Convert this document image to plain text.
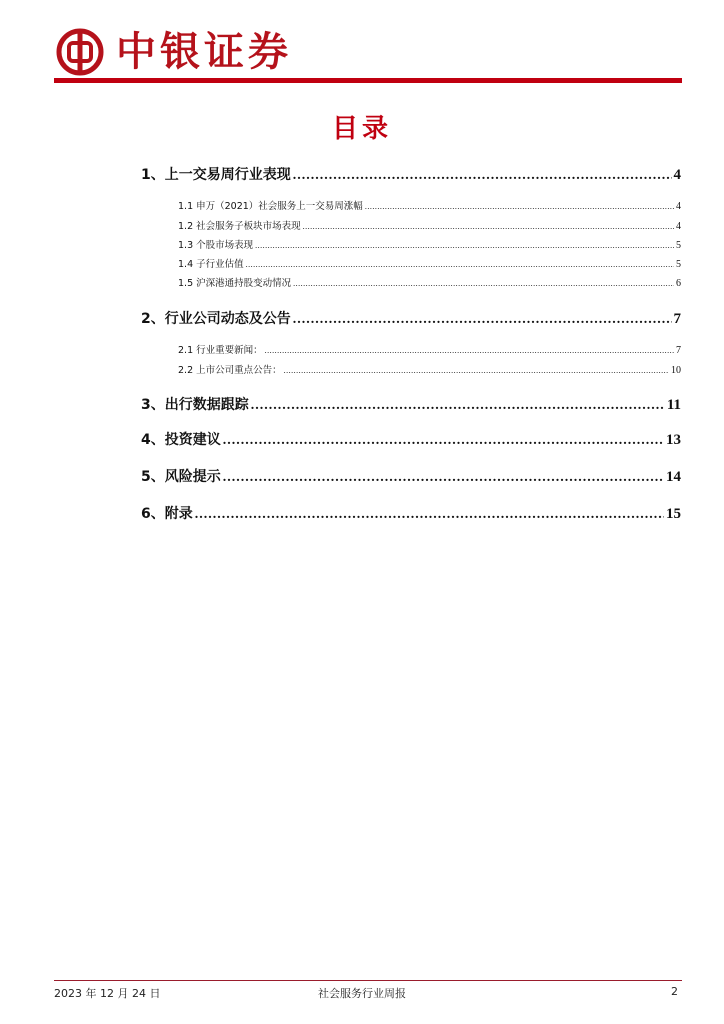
中银证券
目录
1、上一交易周行业表现 .....	4
1.1 申万（2021）社会服务上一交易周涨幅 .....	4
1.2 社会服务子板块市场表现 .....	4
1.3 个股市场表现 .....	5
1.4 子行业估值 .....	5
1.5 沪深港通持股变动情况 .....	6
2、行业公司动态及公告 .....	7
2.1 行业重要新闻： .....	7
2.2 上市公司重点公告： .....	10
3、出行数据跟踪 .....	11
4、投资建议 .....	13
5、风险提示 .....	14
6、附录 .....	15
2023 年 12 月 24 日	社会服务行业周报	2
